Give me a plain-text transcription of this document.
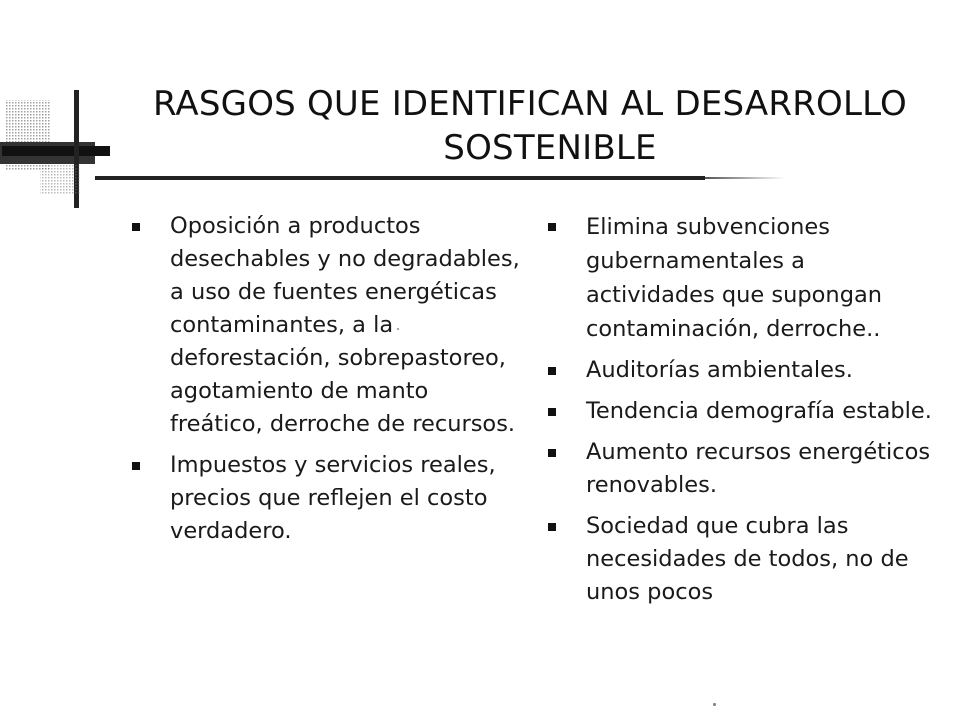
RASGOS QUE IDENTIFICAN AL DESARROLLO
SOSTENIBLE
Oposición a productos desechables y no degradables, a uso de fuentes energéticas contaminantes, a la deforestación, sobrepastoreo, agotamiento de manto freático, derroche de recursos.
Impuestos y servicios reales, precios que reflejen el costo verdadero.
Elimina subvenciones gubernamentales a actividades que supongan contaminación, derroche..
Auditorías ambientales.
Tendencia demografía estable.
Aumento recursos energéticos renovables.
Sociedad que cubra las necesidades de todos, no de unos pocos
